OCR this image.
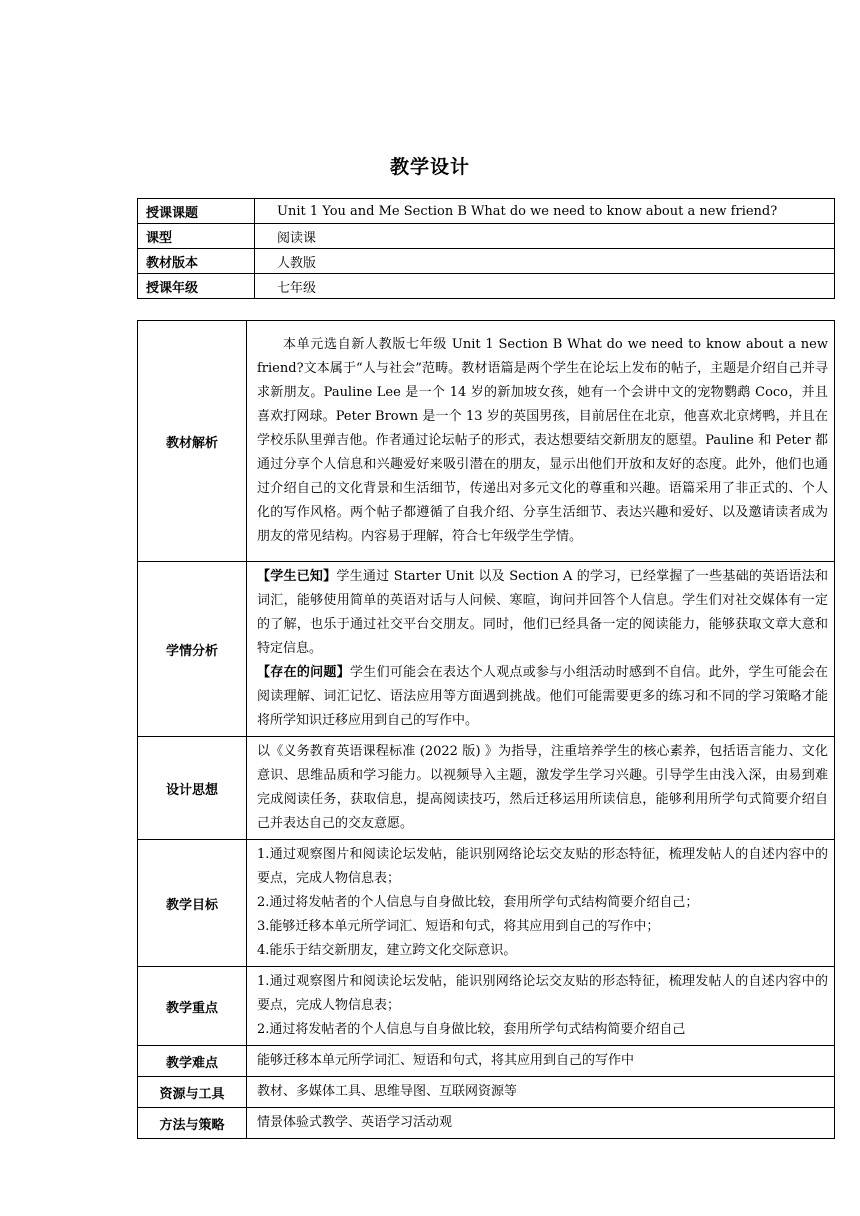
教学设计
授课课题	Unit 1 You and Me Section B What do we need to know about a new friend?
课型	阅读课
教材版本	人教版
授课年级	七年级
教材解析	本单元选自新人教版七年级 Unit 1 Section B What do we need to know about a new friend?文本属于“人与社会”范畴。教材语篇是两个学生在论坛上发布的帖子，主题是介绍自己并寻求新朋友。Pauline Lee 是一个 14 岁的新加坡女孩，她有一个会讲中文的宠物鹦鹉 Coco，并且喜欢打网球。Peter Brown 是一个 13 岁的英国男孩，目前居住在北京，他喜欢北京烤鸭，并且在学校乐队里弹吉他。作者通过论坛帖子的形式，表达想要结交新朋友的愿望。Pauline 和 Peter 都通过分享个人信息和兴趣爱好来吸引潜在的朋友，显示出他们开放和友好的态度。此外，他们也通过介绍自己的文化背景和生活细节，传递出对多元文化的尊重和兴趣。语篇采用了非正式的、个人化的写作风格。两个帖子都遵循了自我介绍、分享生活细节、表达兴趣和爱好、以及邀请读者成为朋友的常见结构。内容易于理解，符合七年级学生学情。

学情分析	【学生已知】学生通过 Starter Unit 以及 Section A 的学习，已经掌握了一些基础的英语语法和词汇，能够使用简单的英语对话与人问候、寒暄，询问并回答个人信息。学生们对社交媒体有一定的了解，也乐于通过社交平台交朋友。同时，他们已经具备一定的阅读能力，能够获取文章大意和特定信息。

【存在的问题】学生们可能会在表达个人观点或参与小组活动时感到不自信。此外，学生可能会在阅读理解、词汇记忆、语法应用等方面遇到挑战。他们可能需要更多的练习和不同的学习策略才能将所学知识迁移应用到自己的写作中。

设计思想	以《义务教育英语课程标准 (2022 版) 》为指导，注重培养学生的核心素养，包括语言能力、文化意识、思维品质和学习能力。以视频导入主题，激发学生学习兴趣。引导学生由浅入深，由易到难完成阅读任务，获取信息，提高阅读技巧，然后迁移运用所读信息，能够利用所学句式简要介绍自己并表达自己的交友意愿。

教学目标	1.通过观察图片和阅读论坛发帖，能识别网络论坛交友贴的形态特征，梳理发帖人的自述内容中的要点，完成人物信息表；

2.通过将发帖者的个人信息与自身做比较，套用所学句式结构简要介绍自己；

3.能够迁移本单元所学词汇、短语和句式，将其应用到自己的写作中；

4.能乐于结交新朋友，建立跨文化交际意识。

教学重点	1.通过观察图片和阅读论坛发帖，能识别网络论坛交友贴的形态特征，梳理发帖人的自述内容中的要点，完成人物信息表；

2.通过将发帖者的个人信息与自身做比较，套用所学句式结构简要介绍自己

教学难点	能够迁移本单元所学词汇、短语和句式，将其应用到自己的写作中

资源与工具	教材、多媒体工具、思维导图、互联网资源等

方法与策略	情景体验式教学、英语学习活动观
